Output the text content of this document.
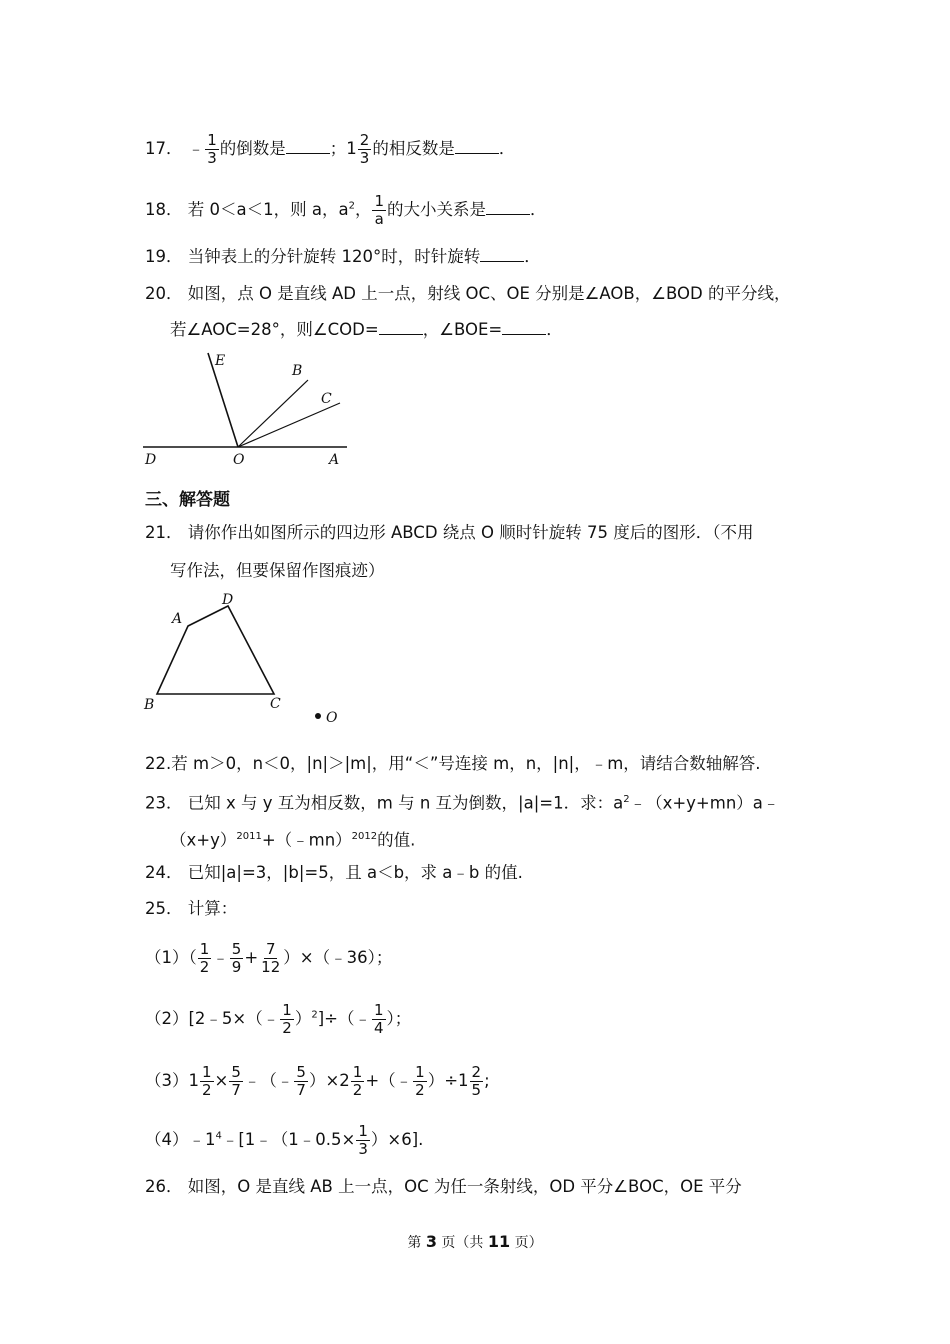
17． ﹣ $\frac{1}{3}$ 的倒数是	；$1 \frac{2}{3}$ 的相反数是	．
18． 若 0＜a＜1，则 a，$a^2$， $\frac{1}{a}$ 的大小关系是	．
19． 当钟表上的分针旋转 120°时，时针旋转	．
20． 如图，点 O 是直线 AD 上一点，射线 OC、OE 分别是∠AOB，∠BOD 的平分线，
若∠AOC=28°，则∠COD=	，∠BOE=	．
E
B
C
D	O	A
三、解答题
21． 请你作出如图所示的四边形 ABCD 绕点 O 顺时针旋转 75 度后的图形．（不用
写作法，但要保留作图痕迹）
A
D
B	C
O
22.若 m＞0，n＜0，|n|＞|m|，用“＜”号连接 m，n，|n|，﹣m，请结合数轴解答.
23． 已知 x 与 y 互为相反数，m 与 n 互为倒数，|a|=1．求：$a^2﹣(x+y+mn)a﹣$
$(x+y)^{2011}+(﹣mn)^{2012}$的值.
24． 已知|a|=3，|b|=5，且 a＜b，求 a﹣b 的值.
25． 计算：
$(1)( \frac{1}{2}$ ﹣ $\frac{5}{9} + \frac{7}{12}$ ）×（﹣36）；
（2）[2﹣5×（﹣ $\frac{1}{2}$ ）$^2$]÷（﹣ $\frac{1}{4}$ ）；
$(3)1 \frac{1}{2} \times \frac{5}{7}$ ﹣（﹣ $\frac{5}{7} )\times 2 \frac{1}{2}$ +（﹣ $\frac{1}{2} )\div 1 \frac{2}{5}$ ;
$(4)﹣1^4﹣[1﹣(1﹣0.5\times \frac{1}{3} )\times 6]$.
26． 如图，O 是直线 AB 上一点，OC 为任一条射线，OD 平分∠BOC，OE 平分
第 3 页（共 11 页）
